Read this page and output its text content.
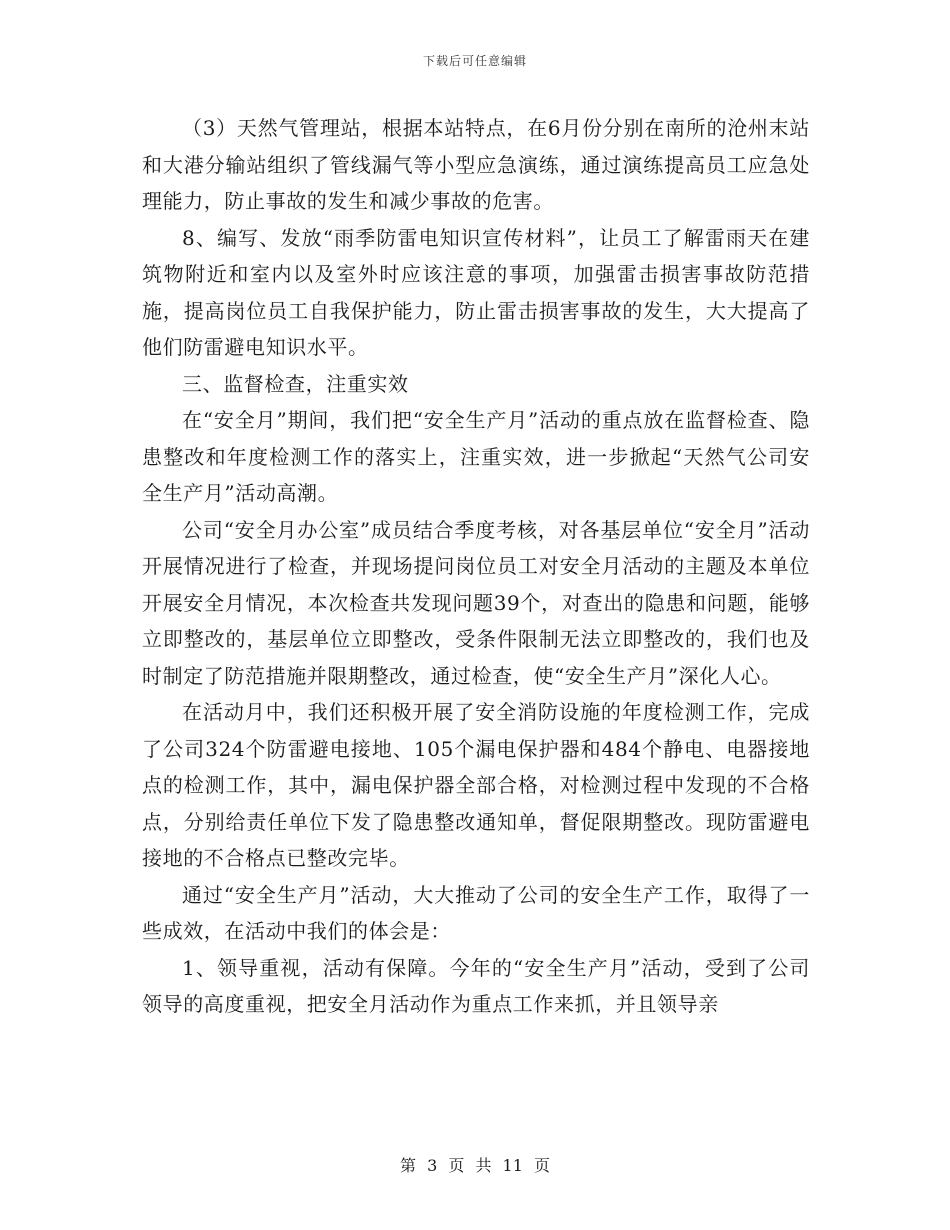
下载后可任意编辑

（3）天然气管理站，根据本站特点，在6月份分别在南所的沧州末站和大港分输站组织了管线漏气等小型应急演练，通过演练提高员工应急处理能力，防止事故的发生和减少事故的危害。

8、编写、发放“雨季防雷电知识宣传材料”，让员工了解雷雨天在建筑物附近和室内以及室外时应该注意的事项，加强雷击损害事故防范措施，提高岗位员工自我保护能力，防止雷击损害事故的发生，大大提高了他们防雷避电知识水平。

三、监督检查，注重实效

在“安全月”期间，我们把“安全生产月”活动的重点放在监督检查、隐患整改和年度检测工作的落实上，注重实效，进一步掀起“天然气公司安全生产月”活动高潮。

公司“安全月办公室”成员结合季度考核，对各基层单位“安全月”活动开展情况进行了检查，并现场提问岗位员工对安全月活动的主题及本单位开展安全月情况，本次检查共发现问题39个，对查出的隐患和问题，能够立即整改的，基层单位立即整改，受条件限制无法立即整改的，我们也及时制定了防范措施并限期整改，通过检查，使“安全生产月”深化人心。

在活动月中，我们还积极开展了安全消防设施的年度检测工作，完成了公司324个防雷避电接地、105个漏电保护器和484个静电、电器接地点的检测工作，其中，漏电保护器全部合格，对检测过程中发现的不合格点，分别给责任单位下发了隐患整改通知单，督促限期整改。现防雷避电接地的不合格点已整改完毕。

通过“安全生产月”活动，大大推动了公司的安全生产工作，取得了一些成效，在活动中我们的体会是：

1、领导重视，活动有保障。今年的“安全生产月”活动，受到了公司领导的高度重视，把安全月活动作为重点工作来抓，并且领导亲

第 3 页 共 11 页
